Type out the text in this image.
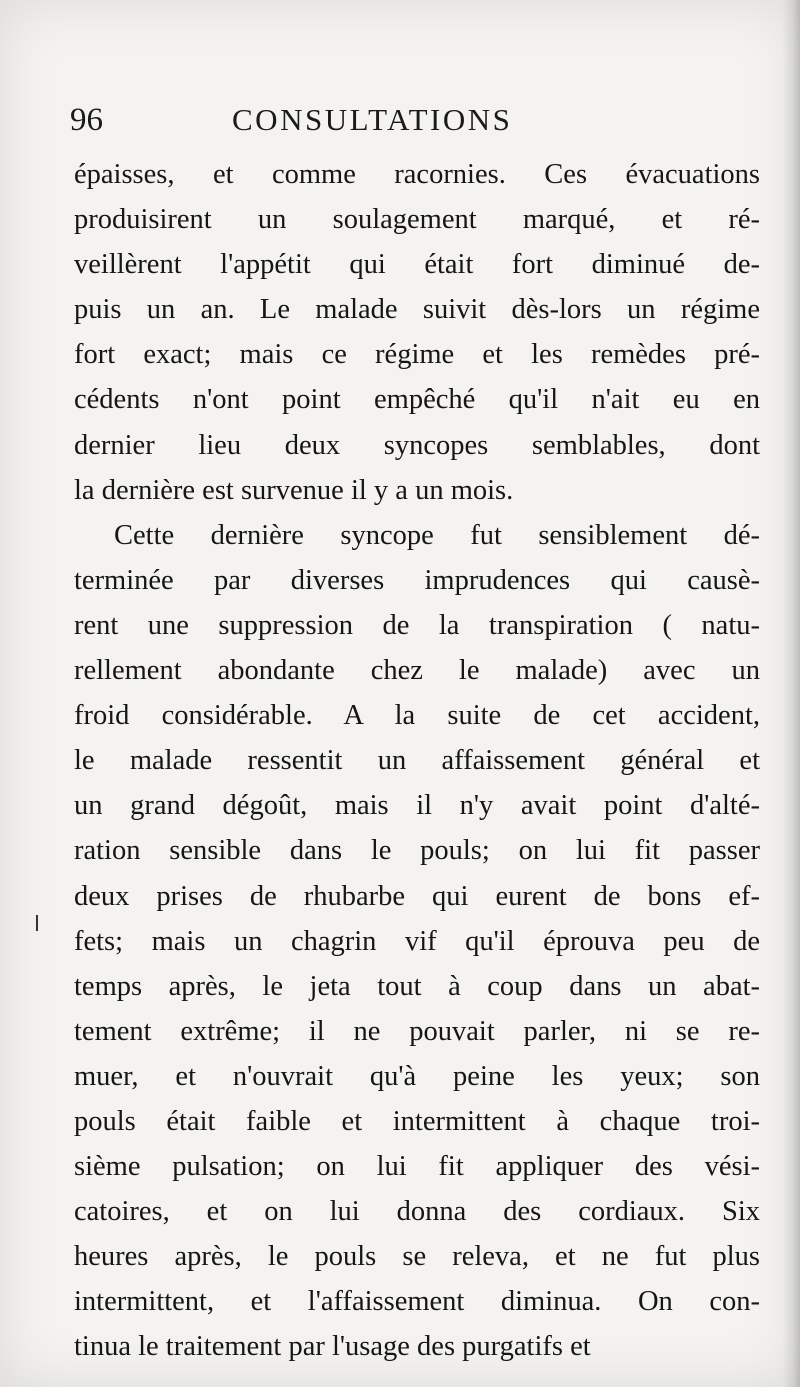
96	CONSULTATIONS
épaisses, et comme racornies. Ces évacuations
produisirent un soulagement marqué, et ré-
veillèrent l'appétit qui était fort diminué de-
puis un an. Le malade suivit dès-lors un régime
fort exact; mais ce régime et les remèdes pré-
cédents n'ont point empêché qu'il n'ait eu en
dernier lieu deux syncopes semblables, dont
la dernière est survenue il y a un mois.
Cette dernière syncope fut sensiblement dé-
terminée par diverses imprudences qui causè-
rent une suppression de la transpiration ( natu-
rellement abondante chez le malade) avec un
froid considérable. A la suite de cet accident,
le malade ressentit un affaissement général et
un grand dégoût, mais il n'y avait point d'alté-
ration sensible dans le pouls; on lui fit passer
deux prises de rhubarbe qui eurent de bons ef-
fets; mais un chagrin vif qu'il éprouva peu de
temps après, le jeta tout à coup dans un abat-
tement extrême; il ne pouvait parler, ni se re-
muer, et n'ouvrait qu'à peine les yeux; son
pouls était faible et intermittent à chaque troi-
sième pulsation; on lui fit appliquer des vési-
catoires, et on lui donna des cordiaux. Six
heures après, le pouls se releva, et ne fut plus
intermittent, et l'affaissement diminua. On con-
tinua le traitement par l'usage des purgatifs et
